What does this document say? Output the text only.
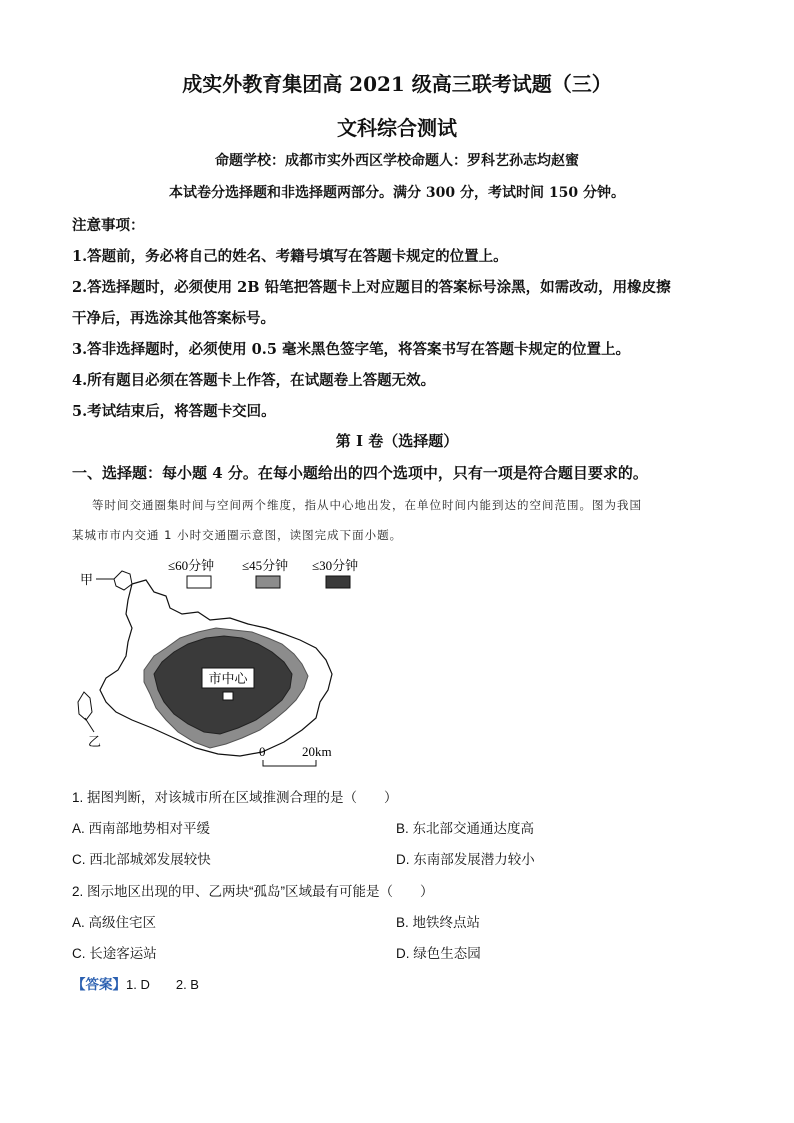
成实外教育集团高 2021 级高三联考试题（三）
文科综合测试
命题学校：成都市实外西区学校命题人：罗科艺孙志均赵蜜
本试卷分选择题和非选择题两部分。满分 300 分，考试时间 150 分钟。
注意事项：
1.答题前，务必将自己的姓名、考籍号填写在答题卡规定的位置上。
2.答选择题时，必须使用 2B 铅笔把答题卡上对应题目的答案标号涂黑，如需改动，用橡皮擦
干净后，再选涂其他答案标号。
3.答非选择题时，必须使用 0.5 毫米黑色签字笔，将答案书写在答题卡规定的位置上。
4.所有题目必须在答题卡上作答，在试题卷上答题无效。
5.考试结束后，将答题卡交回。
第 I 卷（选择题）
一、选择题：每小题 4 分。在每小题给出的四个选项中，只有一项是符合题目要求的。
等时间交通圈集时间与空间两个维度，指从中心地出发，在单位时间内能到达的空间范围。图为我国
某城市市内交通 1 小时交通圈示意图，读图完成下面小题。
≤60分钟 ≤45分钟 ≤30分钟
甲
乙
市中心
0	20km
1. 据图判断，对该城市所在区域推测合理的是（　　）
A. 西南部地势相对平缓	B. 东北部交通通达度高
C. 西北部城郊发展较快	D. 东南部发展潜力较小
2. 图示地区出现的甲、乙两块“孤岛”区域最有可能是（　　）
A. 高级住宅区	B. 地铁终点站
C. 长途客运站	D. 绿色生态园
【答案】1. D　　2. B
